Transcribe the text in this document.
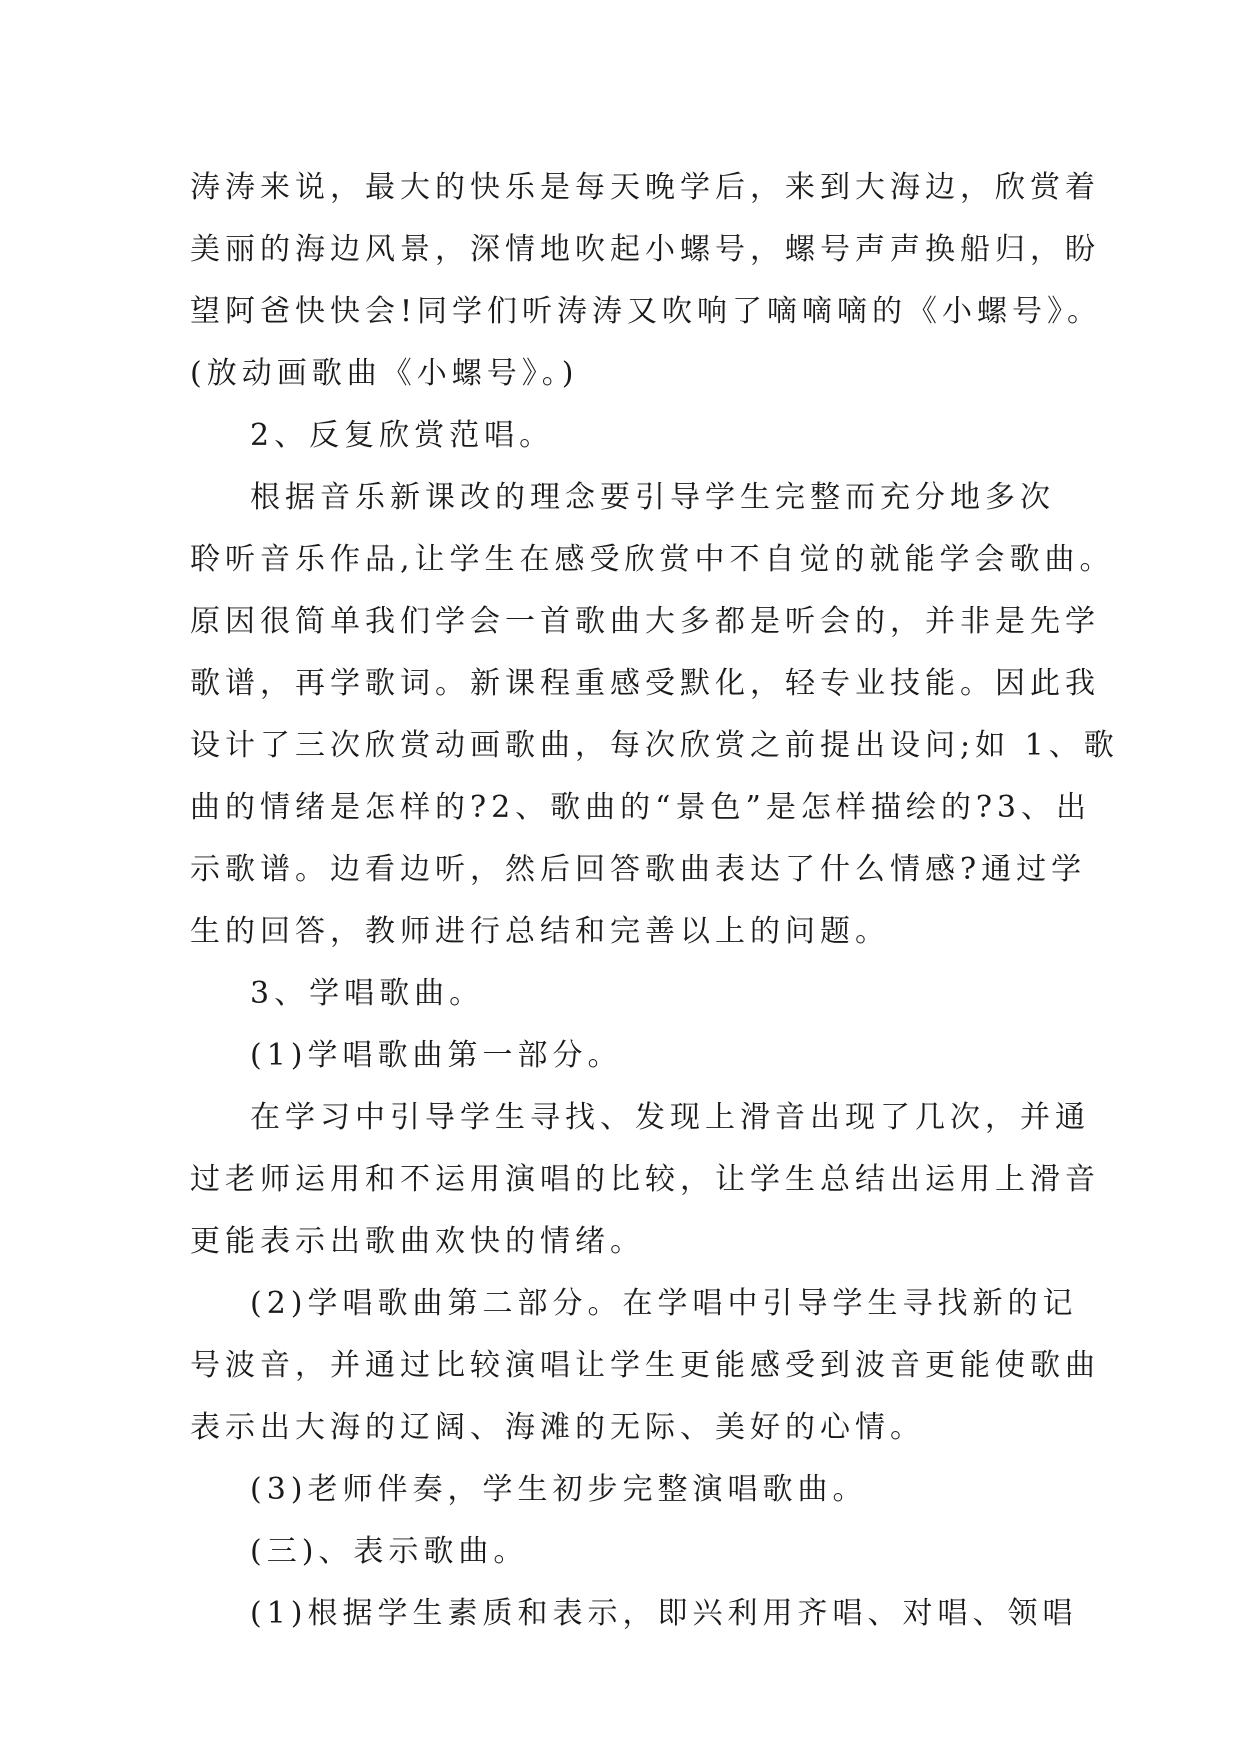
涛涛来说，最大的快乐是每天晚学后，来到大海边，欣赏着
美丽的海边风景，深情地吹起小螺号，螺号声声换船归，盼
望阿爸快快会!同学们听涛涛又吹响了嘀嘀嘀的《小螺号》。
(放动画歌曲《小螺号》。)
2、反复欣赏范唱。
根据音乐新课改的理念要引导学生完整而充分地多次
聆听音乐作品,让学生在感受欣赏中不自觉的就能学会歌曲。
原因很简单我们学会一首歌曲大多都是听会的，并非是先学
歌谱，再学歌词。新课程重感受默化，轻专业技能。因此我
设计了三次欣赏动画歌曲，每次欣赏之前提出设问;如 1、歌
曲的情绪是怎样的?2、歌曲的“景色”是怎样描绘的?3、出
示歌谱。边看边听，然后回答歌曲表达了什么情感?通过学
生的回答，教师进行总结和完善以上的问题。
3、学唱歌曲。
(1)学唱歌曲第一部分。
在学习中引导学生寻找、发现上滑音出现了几次，并通
过老师运用和不运用演唱的比较，让学生总结出运用上滑音
更能表示出歌曲欢快的情绪。
(2)学唱歌曲第二部分。在学唱中引导学生寻找新的记
号波音，并通过比较演唱让学生更能感受到波音更能使歌曲
表示出大海的辽阔、海滩的无际、美好的心情。
(3)老师伴奏，学生初步完整演唱歌曲。
(三)、表示歌曲。
(1)根据学生素质和表示，即兴利用齐唱、对唱、领唱
